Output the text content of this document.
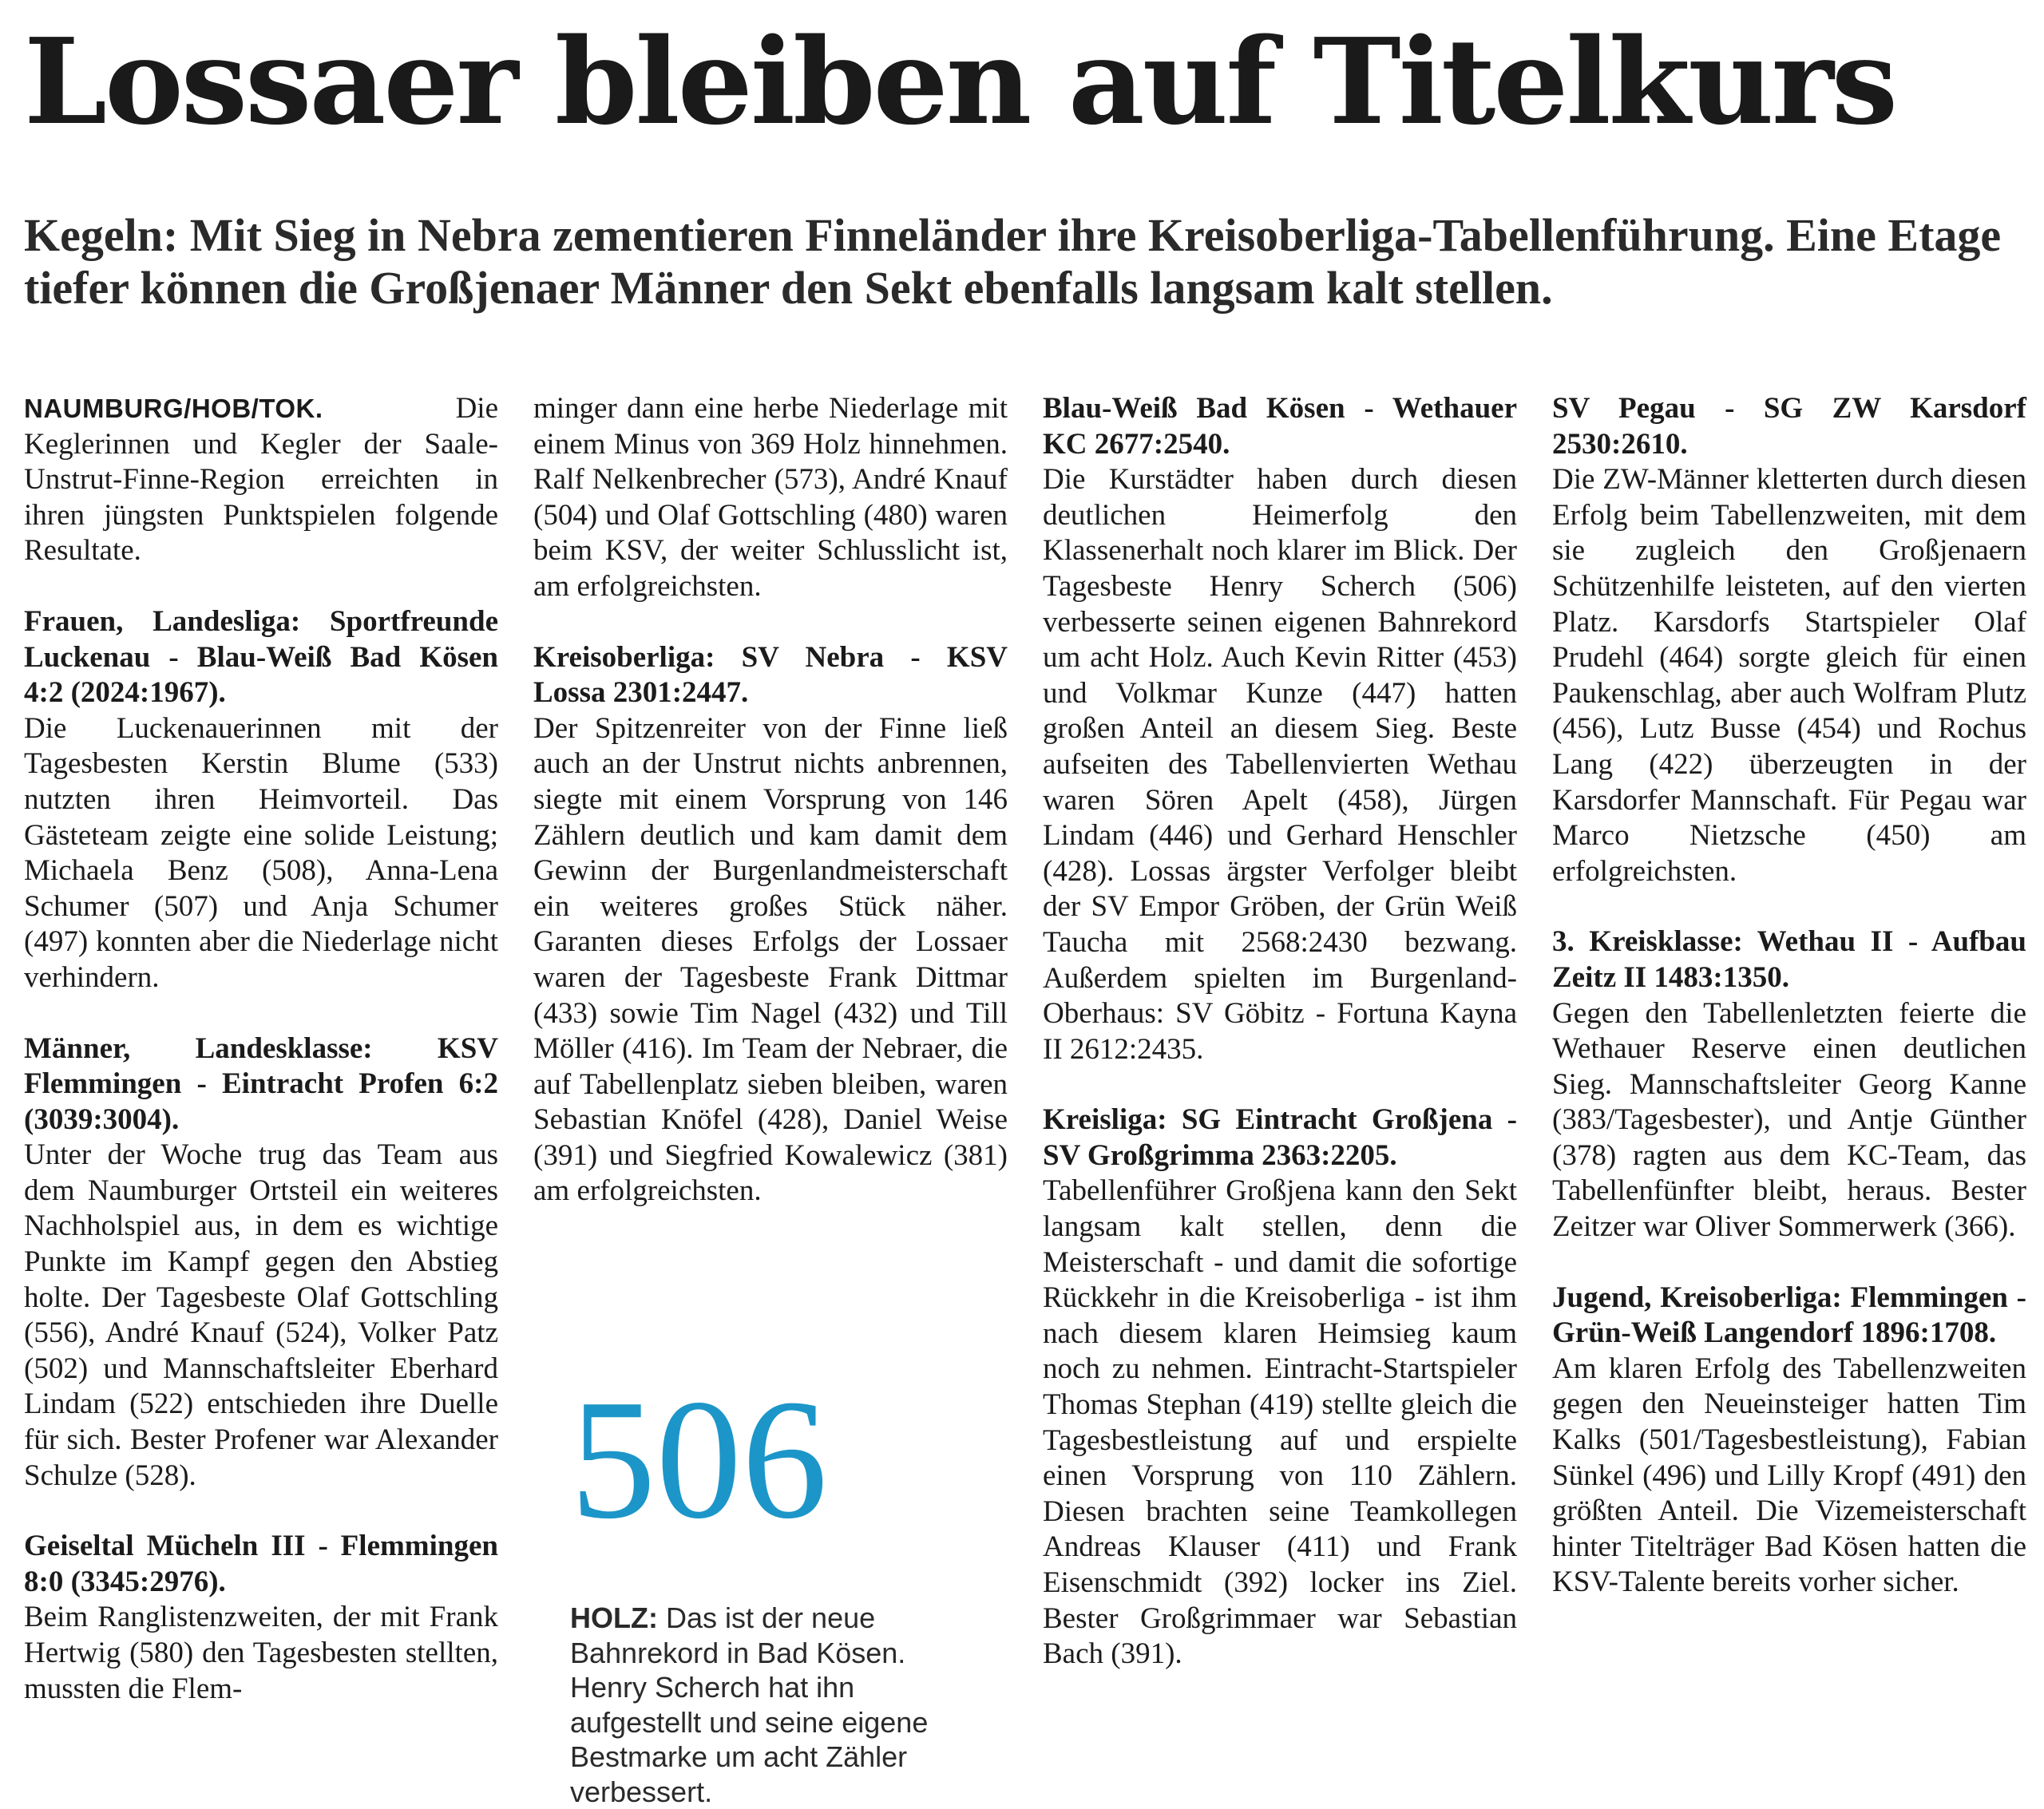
Lossaer bleiben auf Titelkurs
Kegeln: Mit Sieg in Nebra zementieren Finneländer ihre Kreisoberliga-Tabellenführung. Eine Etage tiefer können die Großjenaer Männer den Sekt ebenfalls langsam kalt stellen.

NAUMBURG/HOB/TOK.	Die Keglerinnen und Kegler der Saale-Unstrut-Finne-Region erreichten in ihren jüngsten Punktspielen folgende Resultate.

Frauen, Landesliga: Sportfreunde Luckenau - Blau-Weiß Bad Kösen 4:2 (2024:1967).
Die Luckenauerinnen mit der Tagesbesten Kerstin Blume (533) nutzten ihren Heimvorteil. Das Gästeteam zeigte eine solide Leistung; Michaela Benz (508), Anna-Lena Schumer (507) und Anja Schumer (497) konnten aber die Niederlage nicht verhindern.

Männer, Landesklasse: KSV Flemmingen - Eintracht Profen 6:2 (3039:3004).
Unter der Woche trug das Team aus dem Naumburger Ortsteil ein weiteres Nachholspiel aus, in dem es wichtige Punkte im Kampf gegen den Abstieg holte. Der Tagesbeste Olaf Gottschling (556), André Knauf (524), Volker Patz (502) und Mannschaftsleiter Eberhard Lindam (522) entschieden ihre Duelle für sich. Bester Profener war Alexander Schulze (528).

Geiseltal Mücheln III - Flemmingen 8:0 (3345:2976).
Beim Ranglistenzweiten, der mit Frank Hertwig (580) den Tagesbesten stellten, mussten die Flem-

minger dann eine herbe Niederlage mit einem Minus von 369 Holz hinnehmen. Ralf Nelkenbrecher (573), André Knauf (504) und Olaf Gottschling (480) waren beim KSV, der weiter Schlusslicht ist, am erfolgreichsten.

Kreisoberliga: SV Nebra - KSV Lossa 2301:2447.
Der Spitzenreiter von der Finne ließ auch an der Unstrut nichts anbrennen, siegte mit einem Vorsprung von 146 Zählern deutlich und kam damit dem Gewinn der Burgenlandmeisterschaft ein weiteres großes Stück näher. Garanten dieses Erfolgs der Lossaer waren der Tagesbeste Frank Dittmar (433) sowie Tim Nagel (432) und Till Möller (416). Im Team der Nebraer, die auf Tabellenplatz sieben bleiben, waren Sebastian Knöfel (428), Daniel Weise (391) und Siegfried Kowalewicz (381) am erfolgreichsten.

506

HOLZ: Das ist der neue Bahnrekord in Bad Kösen. Henry Scherch hat ihn aufgestellt und seine eigene Bestmarke um acht Zähler verbessert.

Blau-Weiß Bad Kösen - Wethauer KC 2677:2540.
Die Kurstädter haben durch diesen deutlichen Heimerfolg den Klassenerhalt noch klarer im Blick. Der Tagesbeste Henry Scherch (506) verbesserte seinen eigenen Bahnrekord um acht Holz. Auch Kevin Ritter (453) und Volkmar Kunze (447) hatten großen Anteil an diesem Sieg. Beste aufseiten des Tabellenvierten Wethau waren Sören Apelt (458), Jürgen Lindam (446) und Gerhard Henschler (428). Lossas ärgster Verfolger bleibt der SV Empor Gröben, der Grün Weiß Taucha mit 2568:2430 bezwang. Außerdem spielten im Burgenland-Oberhaus: SV Göbitz - Fortuna Kayna II 2612:2435.

Kreisliga: SG Eintracht Großjena - SV Großgrimma 2363:2205.
Tabellenführer Großjena kann den Sekt langsam kalt stellen, denn die Meisterschaft - und damit die sofortige Rückkehr in die Kreisoberliga - ist ihm nach diesem klaren Heimsieg kaum noch zu nehmen. Eintracht-Startspieler Thomas Stephan (419) stellte gleich die Tagesbestleistung auf und erspielte einen Vorsprung von 110 Zählern. Diesen brachten seine Teamkollegen Andreas Klauser (411) und Frank Eisenschmidt (392) locker ins Ziel. Bester Großgrimmaer war Sebastian Bach (391).

SV Pegau - SG ZW Karsdorf 2530:2610.
Die ZW-Männer kletterten durch diesen Erfolg beim Tabellenzweiten, mit dem sie zugleich den Großjenaern Schützenhilfe leisteten, auf den vierten Platz. Karsdorfs Startspieler Olaf Prudehl (464) sorgte gleich für einen Paukenschlag, aber auch Wolfram Plutz (456), Lutz Busse (454) und Rochus Lang (422) überzeugten in der Karsdorfer Mannschaft. Für Pegau war Marco Nietzsche (450) am erfolgreichsten.

3. Kreisklasse: Wethau II - Aufbau Zeitz II 1483:1350.
Gegen den Tabellenletzten feierte die Wethauer Reserve einen deutlichen Sieg. Mannschaftsleiter Georg Kanne (383/Tagesbester), und Antje Günther (378) ragten aus dem KC-Team, das Tabellenfünfter bleibt, heraus. Bester Zeitzer war Oliver Sommerwerk (366).

Jugend, Kreisoberliga: Flemmingen - Grün-Weiß Langendorf 1896:1708.
Am klaren Erfolg des Tabellenzweiten gegen den Neueinsteiger hatten Tim Kalks (501/Tagesbestleistung), Fabian Sünkel (496) und Lilly Kropf (491) den größten Anteil. Die Vizemeisterschaft hinter Titelträger Bad Kösen hatten die KSV-Talente bereits vorher sicher.
